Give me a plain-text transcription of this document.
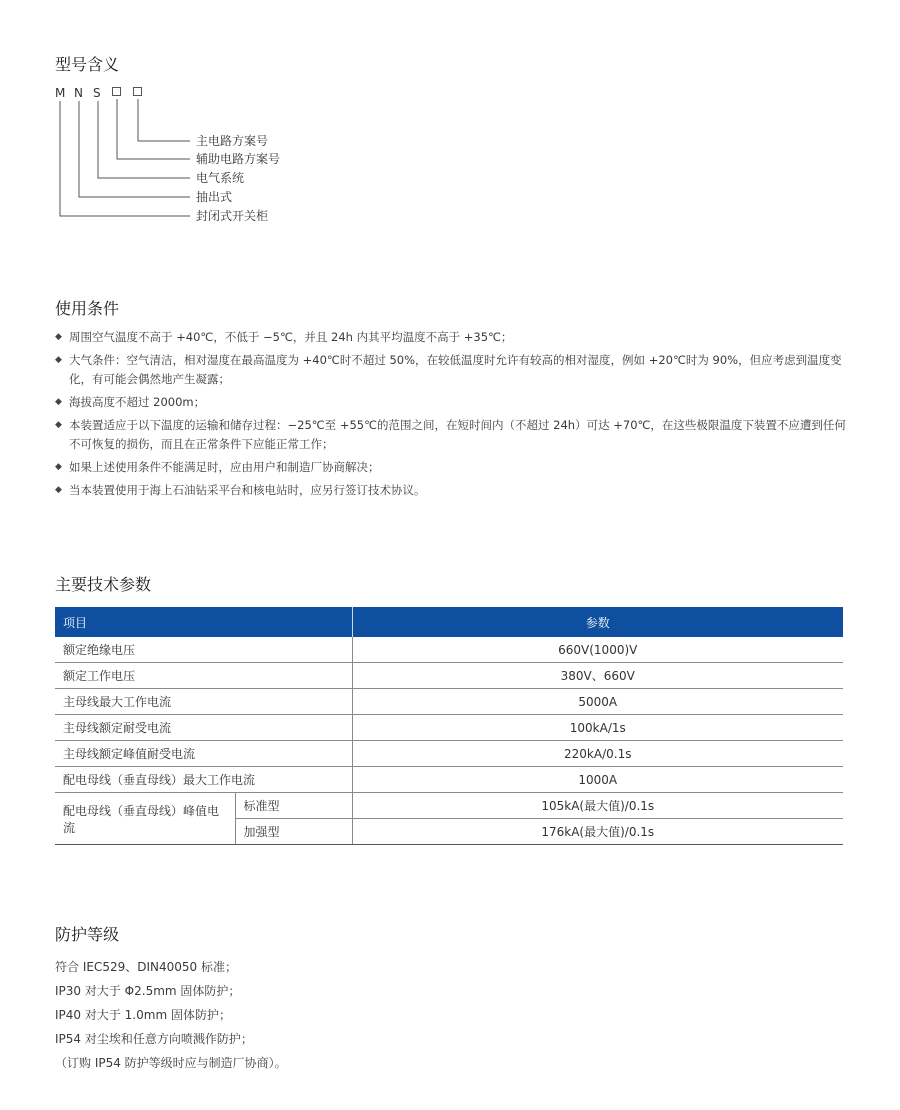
型号含义
M N S
主电路方案号
辅助电路方案号
电气系统
抽出式
封闭式开关柜
使用条件
◆ 周围空气温度不高于 +40℃，不低于 −5℃，并且 24h 内其平均温度不高于 +35℃；
◆ 大气条件：空气清洁，相对湿度在最高温度为 +40℃时不超过 50%，在较低温度时允许有较高的相对湿度，例如 +20℃时为 90%，但应考虑到温度变化，有可能会偶然地产生凝露；
◆ 海拔高度不超过 2000m；
◆ 本装置适应于以下温度的运输和储存过程：−25℃至 +55℃的范围之间，在短时间内（不超过 24h）可达 +70℃，在这些极限温度下装置不应遭到任何不可恢复的损伤，而且在正常条件下应能正常工作；
◆ 如果上述使用条件不能满足时，应由用户和制造厂协商解决；
◆ 当本装置使用于海上石油钻采平台和核电站时，应另行签订技术协议。
主要技术参数
项目		参数
额定绝缘电压		660V(1000)V
额定工作电压		380V、660V
主母线最大工作电流		5000A
主母线额定耐受电流		100kA/1s
主母线额定峰值耐受电流		220kA/0.1s
配电母线（垂直母线）最大工作电流		1000A
配电母线（垂直母线）峰值电流	标准型	105kA(最大值)/0.1s
	加强型	176kA(最大值)/0.1s
防护等级
符合 IEC529、DIN40050 标准；
IP30 对大于 Φ2.5mm 固体防护；
IP40 对大于 1.0mm 固体防护；
IP54 对尘埃和任意方向喷溅作防护；
（订购 IP54 防护等级时应与制造厂协商）。
